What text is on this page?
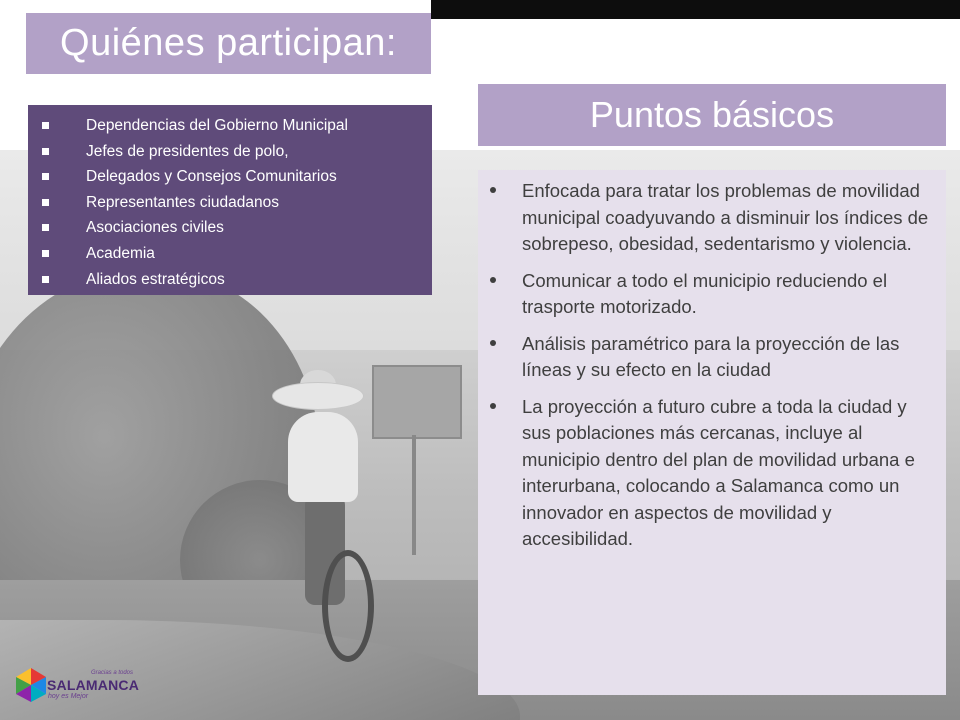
Quiénes participan:
Dependencias del Gobierno Municipal
Jefes de presidentes de polo,
Delegados y Consejos Comunitarios
Representantes ciudadanos
Asociaciones civiles
Academia
Aliados estratégicos
Puntos básicos
Enfocada para tratar los problemas de movilidad municipal coadyuvando a disminuir los índices de sobrepeso, obesidad, sedentarismo y violencia.
Comunicar a todo el municipio reduciendo el trasporte motorizado.
Análisis paramétrico para la proyección de las líneas y su efecto en la ciudad
La proyección a futuro cubre a toda la ciudad y sus poblaciones más cercanas, incluye al municipio dentro del plan de movilidad urbana e interurbana, colocando a Salamanca como un innovador en aspectos de movilidad y accesibilidad.
Gracias a todos
SALAMANCA
hoy es Mejor
